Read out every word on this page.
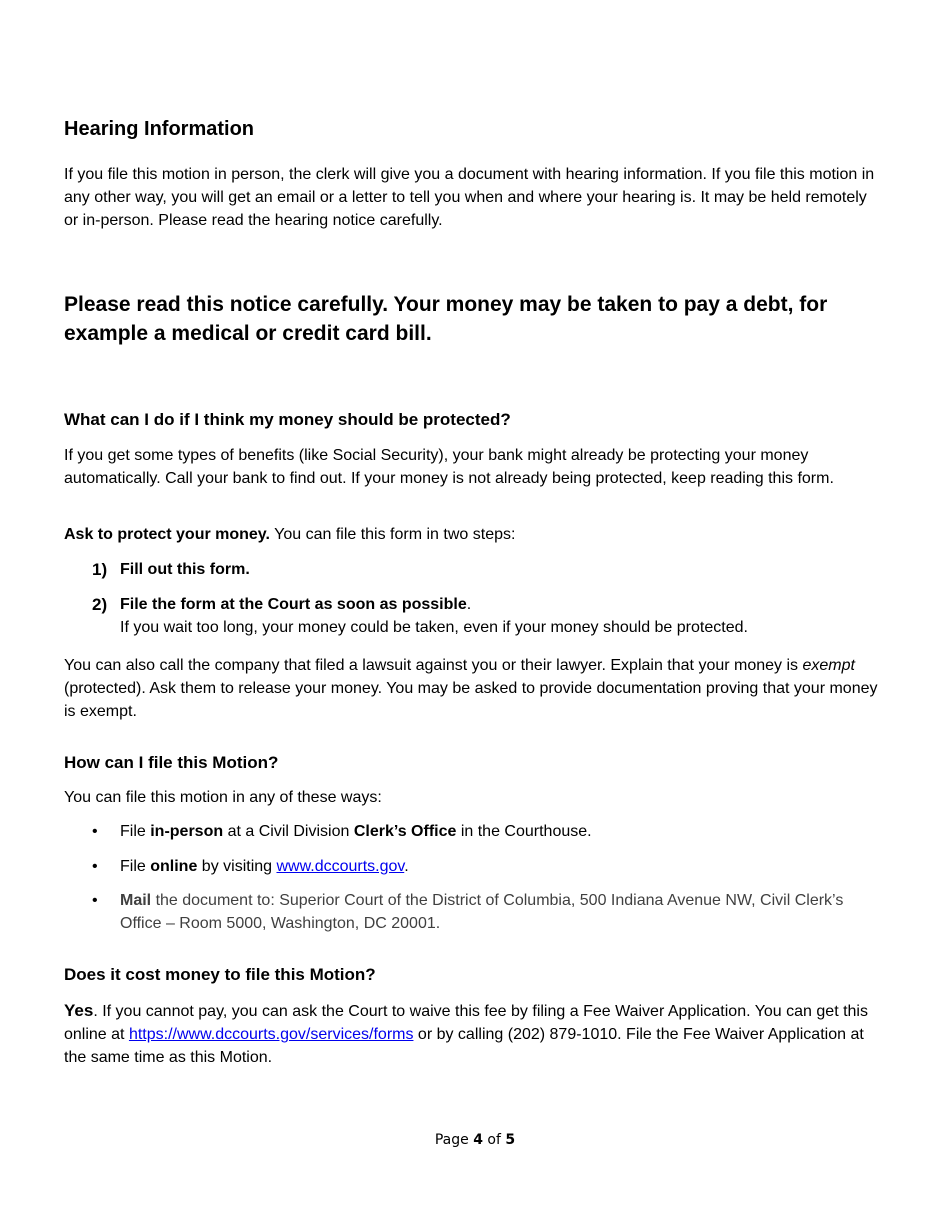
Hearing Information

If you file this motion in person, the clerk will give you a document with hearing information. If you file this motion in any other way, you will get an email or a letter to tell you when and where your hearing is. It may be held remotely or in-person. Please read the hearing notice carefully.

Please read this notice carefully. Your money may be taken to pay a debt, for example a medical or credit card bill.
What can I do if I think my money should be protected?

If you get some types of benefits (like Social Security), your bank might already be protecting your money automatically. Call your bank to find out. If your money is not already being protected, keep reading this form.

Ask to protect your money. You can file this form in two steps:

1) Fill out this form.
2) File the form at the Court as soon as possible.
If you wait too long, your money could be taken, even if your money should be protected.

You can also call the company that filed a lawsuit against you or their lawyer. Explain that your money is exempt (protected). Ask them to release your money. You may be asked to provide documentation proving that your money is exempt.

How can I file this Motion?

You can file this motion in any of these ways:

• File in-person at a Civil Division Clerk’s Office in the Courthouse.
• File online by visiting www.dccourts.gov.
• Mail the document to: Superior Court of the District of Columbia, 500 Indiana Avenue NW, Civil Clerk’s Office – Room 5000, Washington, DC 20001.
Does it cost money to file this Motion?

Yes. If you cannot pay, you can ask the Court to waive this fee by filing a Fee Waiver Application. You can get this online at https://www.dccourts.gov/services/forms or by calling (202) 879-1010. File the Fee Waiver Application at the same time as this Motion.

Page 4 of 5
